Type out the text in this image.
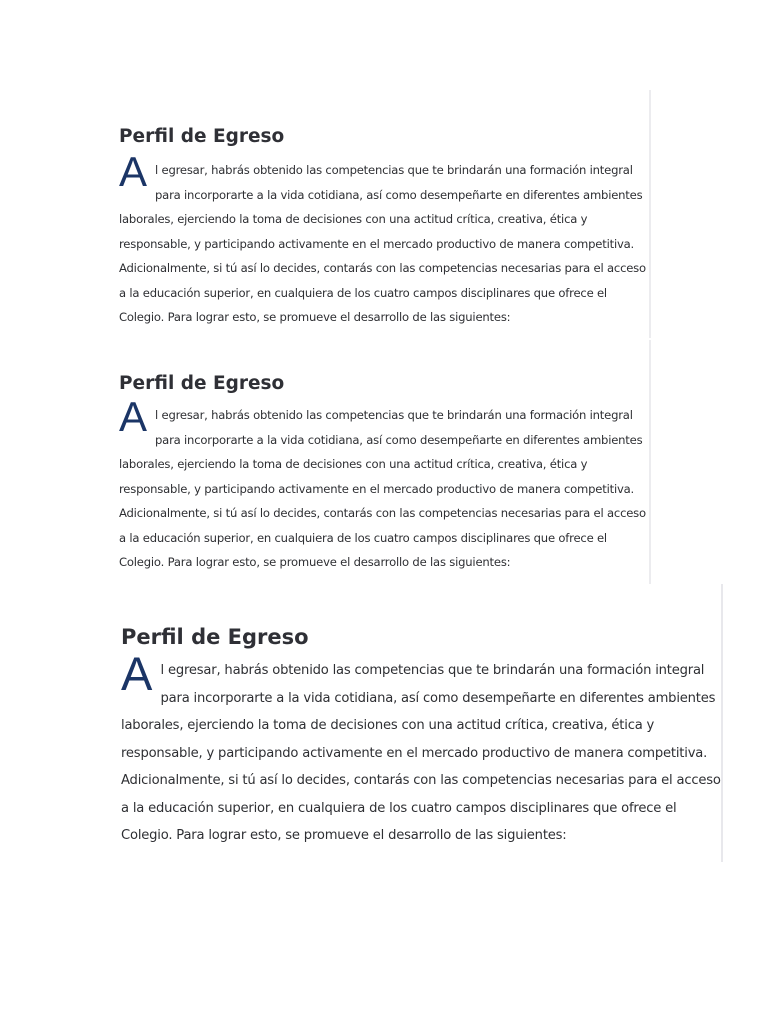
Perfil de Egreso
A l egresar, habrás obtenido las competencias que te brindarán una formación integral
para incorporarte a la vida cotidiana, así como desempeñarte en diferentes ambientes
laborales, ejerciendo la toma de decisiones con una actitud crítica, creativa, ética y
responsable, y participando activamente en el mercado productivo de manera competitiva.
Adicionalmente, si tú así lo decides, contarás con las competencias necesarias para el acceso
a la educación superior, en cualquiera de los cuatro campos disciplinares que ofrece el
Colegio. Para lograr esto, se promueve el desarrollo de las siguientes:
Perfil de Egreso
A l egresar, habrás obtenido las competencias que te brindarán una formación integral
para incorporarte a la vida cotidiana, así como desempeñarte en diferentes ambientes
laborales, ejerciendo la toma de decisiones con una actitud crítica, creativa, ética y
responsable, y participando activamente en el mercado productivo de manera competitiva.
Adicionalmente, si tú así lo decides, contarás con las competencias necesarias para el acceso
a la educación superior, en cualquiera de los cuatro campos disciplinares que ofrece el
Colegio. Para lograr esto, se promueve el desarrollo de las siguientes:
Perfil de Egreso
A l egresar, habrás obtenido las competencias que te brindarán una formación integral
para incorporarte a la vida cotidiana, así como desempeñarte en diferentes ambientes
laborales, ejerciendo la toma de decisiones con una actitud crítica, creativa, ética y
responsable, y participando activamente en el mercado productivo de manera competitiva.
Adicionalmente, si tú así lo decides, contarás con las competencias necesarias para el acceso
a la educación superior, en cualquiera de los cuatro campos disciplinares que ofrece el
Colegio. Para lograr esto, se promueve el desarrollo de las siguientes:
